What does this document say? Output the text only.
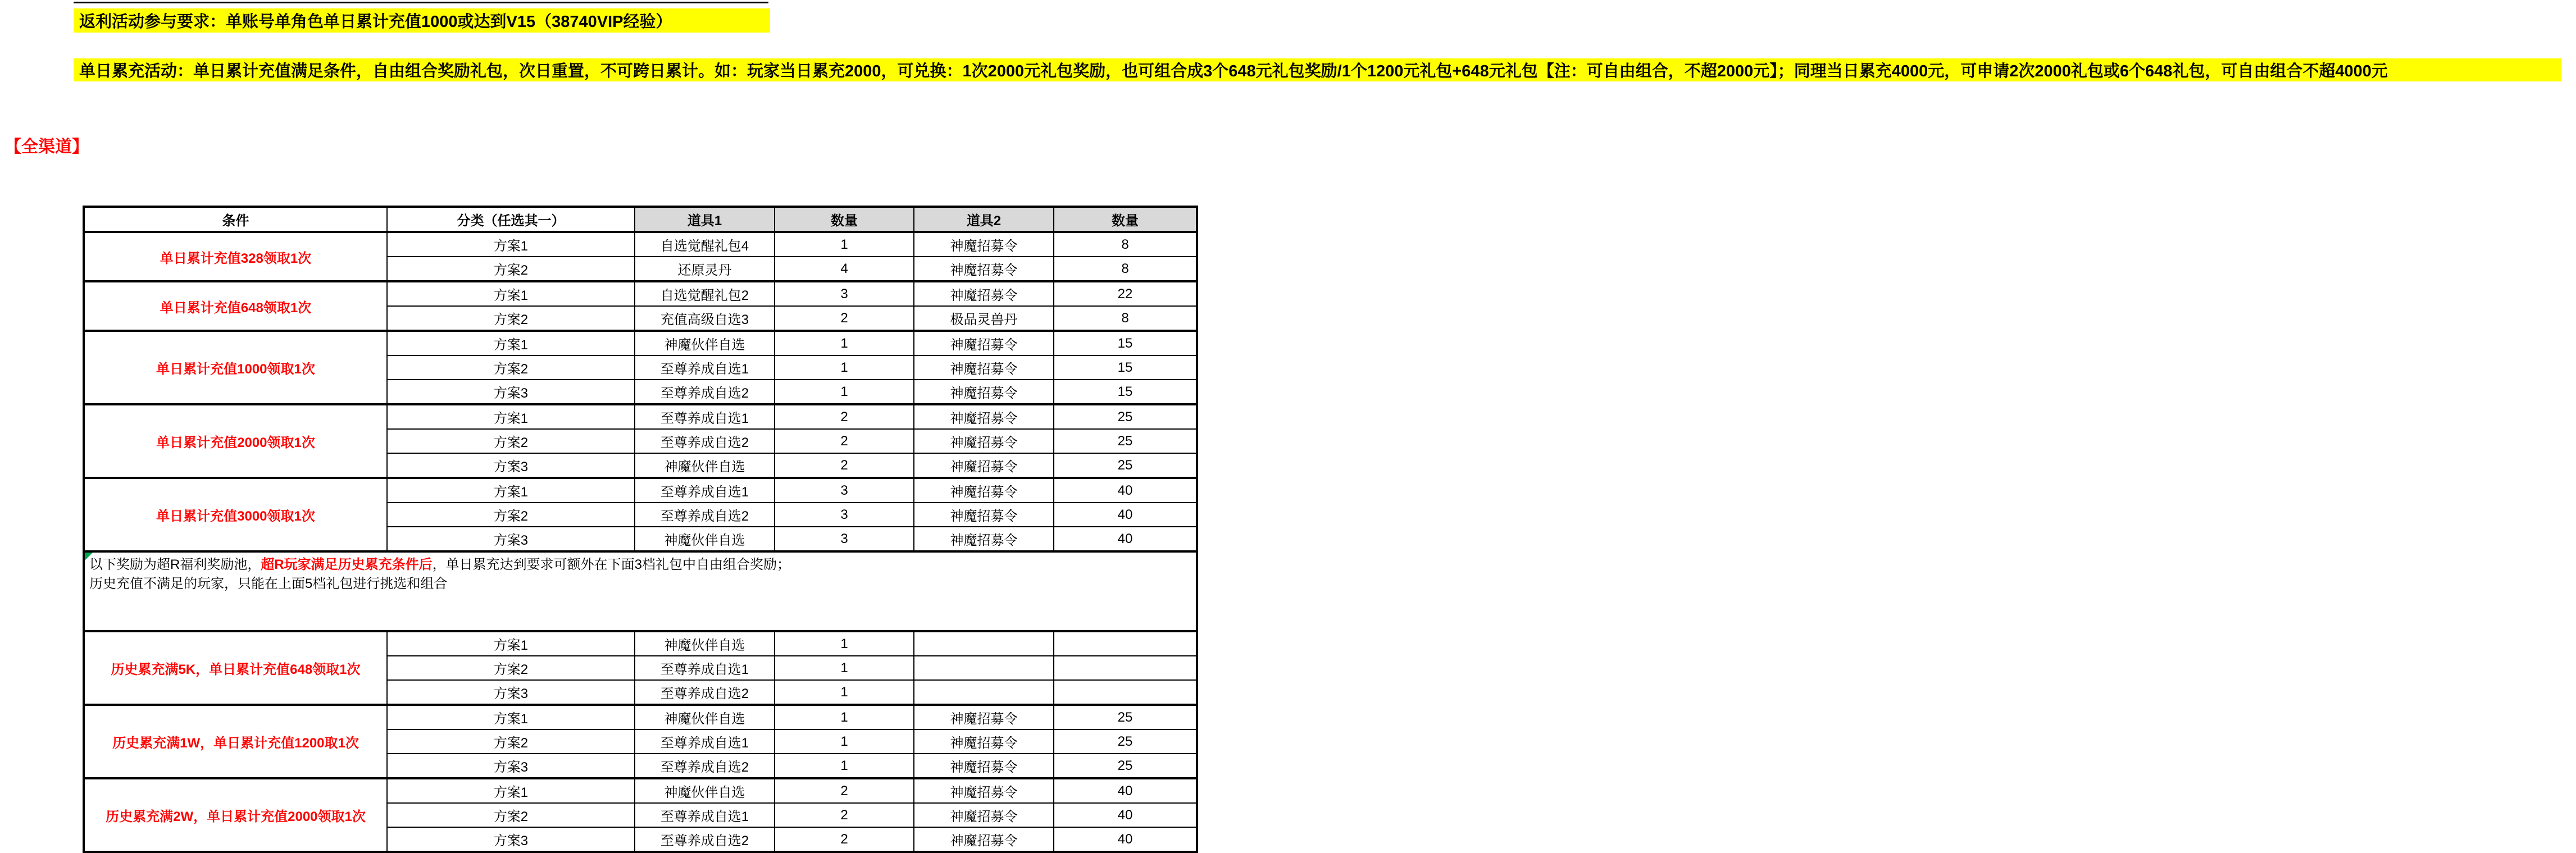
返利活动参与要求：单账号单角色单日累计充值1000或达到V15（38740VIP经验）
单日累充活动：单日累计充值满足条件，自由组合奖励礼包，次日重置，不可跨日累计。如：玩家当日累充2000，可兑换：1次2000元礼包奖励，也可组合成3个648元礼包奖励/1个1200元礼包+648元礼包【注：可自由组合，不超2000元】；同理当日累充4000元，可申请2次2000礼包或6个648礼包，可自由组合不超4000元
【全渠道】
条件	分类（任选其一）	道具1	数量	道具2	数量
单日累计充值328领取1次	方案1	自选觉醒礼包4	1	神魔招募令	8
	方案2	还原灵丹	4	神魔招募令	8
单日累计充值648领取1次	方案1	自选觉醒礼包2	3	神魔招募令	22
	方案2	充值高级自选3	2	极品灵兽丹	8
单日累计充值1000领取1次	方案1	神魔伙伴自选	1	神魔招募令	15
	方案2	至尊养成自选1	1	神魔招募令	15
	方案3	至尊养成自选2	1	神魔招募令	15
单日累计充值2000领取1次	方案1	至尊养成自选1	2	神魔招募令	25
	方案2	至尊养成自选2	2	神魔招募令	25
	方案3	神魔伙伴自选	2	神魔招募令	25
单日累计充值3000领取1次	方案1	至尊养成自选1	3	神魔招募令	40
	方案2	至尊养成自选2	3	神魔招募令	40
	方案3	神魔伙伴自选	3	神魔招募令	40

以下奖励为超R福利奖励池，超R玩家满足历史累充条件后，单日累充达到要求可额外在下面3档礼包中自由组合奖励；
历史充值不满足的玩家，只能在上面5档礼包进行挑选和组合					

历史累充满5K，单日累计充值648领取1次	方案1	神魔伙伴自选	1		
	方案2	至尊养成自选1	1		
	方案3	至尊养成自选2	1		
历史累充满1W，单日累计充值1200取1次	方案1	神魔伙伴自选	1	神魔招募令	25
	方案2	至尊养成自选1	1	神魔招募令	25
	方案3	至尊养成自选2	1	神魔招募令	25
历史累充满2W，单日累计充值2000领取1次	方案1	神魔伙伴自选	2	神魔招募令	40
	方案2	至尊养成自选1	2	神魔招募令	40
	方案3	至尊养成自选2	2	神魔招募令	40
